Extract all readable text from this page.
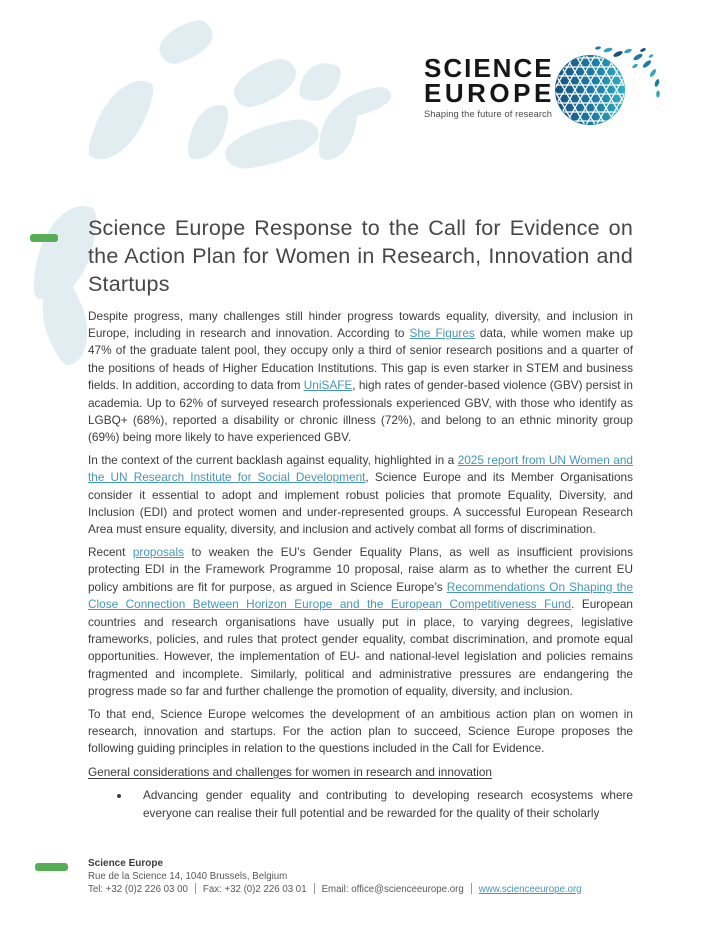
SCIENCE
EUROPE
Shaping the future of research
Science Europe Response to the Call for Evidence on the Action Plan for Women in Research, Innovation and Startups

Despite progress, many challenges still hinder progress towards equality, diversity, and inclusion in Europe, including in research and innovation. According to She Figures data, while women make up 47% of the graduate talent pool, they occupy only a third of senior research positions and a quarter of the positions of heads of Higher Education Institutions. This gap is even starker in STEM and business fields. In addition, according to data from UniSAFE, high rates of gender-based violence (GBV) persist in academia. Up to 62% of surveyed research professionals experienced GBV, with those who identify as LGBQ+ (68%), reported a disability or chronic illness (72%), and belong to an ethnic minority group (69%) being more likely to have experienced GBV.

In the context of the current backlash against equality, highlighted in a 2025 report from UN Women and the UN Research Institute for Social Development, Science Europe and its Member Organisations consider it essential to adopt and implement robust policies that promote Equality, Diversity, and Inclusion (EDI) and protect women and under-represented groups. A successful European Research Area must ensure equality, diversity, and inclusion and actively combat all forms of discrimination.

Recent proposals to weaken the EU’s Gender Equality Plans, as well as insufficient provisions protecting EDI in the Framework Programme 10 proposal, raise alarm as to whether the current EU policy ambitions are fit for purpose, as argued in Science Europe’s Recommendations On Shaping the Close Connection Between Horizon Europe and the European Competitiveness Fund. European countries and research organisations have usually put in place, to varying degrees, legislative frameworks, policies, and rules that protect gender equality, combat discrimination, and promote equal opportunities. However, the implementation of EU- and national-level legislation and policies remains fragmented and incomplete. Similarly, political and administrative pressures are endangering the progress made so far and further challenge the promotion of equality, diversity, and inclusion.

To that end, Science Europe welcomes the development of an ambitious action plan on women in research, innovation and startups. For the action plan to succeed, Science Europe proposes the following guiding principles in relation to the questions included in the Call for Evidence.

General considerations and challenges for women in research and innovation
Advancing gender equality and contributing to developing research ecosystems where everyone can realise their full potential and be rewarded for the quality of their scholarly
Science Europe
Rue de la Science 14, 1040 Brussels, Belgium
Tel: +32 (0)2 226 03 00 Fax: +32 (0)2 226 03 01 Email: office@scienceeurope.org www.scienceeurope.org
